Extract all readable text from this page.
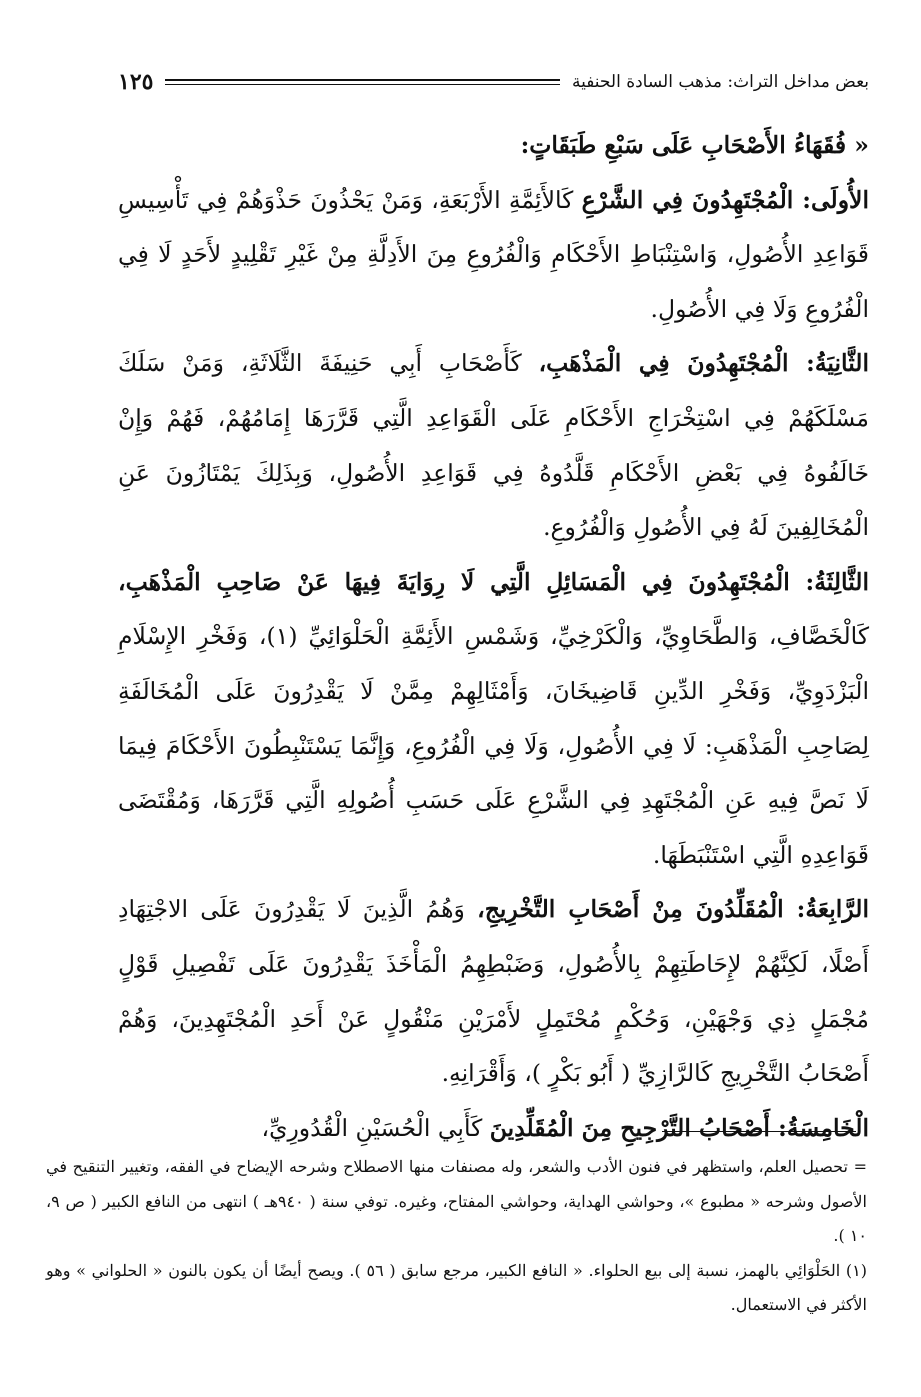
بعض مداخل التراث: مذهب السادة الحنفية
١٢٥

« فُقَهَاءُ الأَصْحَابِ عَلَى سَبْعِ طَبَقَاتٍ:

الأُولَى: الْمُجْتَهِدُونَ فِي الشَّرْعِ كَالأَئِمَّةِ الأَرْبَعَةِ، وَمَنْ يَحْذُونَ حَذْوَهُمْ فِي تَأْسِيسِ قَوَاعِدِ الأُصُولِ، وَاسْتِنْبَاطِ الأَحْكَامِ وَالْفُرُوعِ مِنَ الأَدِلَّةِ مِنْ غَيْرِ تَقْلِيدٍ لأَحَدٍ لَا فِي الْفُرُوعِ وَلَا فِي الأُصُولِ.

الثَّانِيَةُ: الْمُجْتَهِدُونَ فِي الْمَذْهَبِ، كَأَصْحَابِ أَبِي حَنِيفَةَ الثَّلَاثَةِ، وَمَنْ سَلَكَ مَسْلَكَهُمْ فِي اسْتِخْرَاجِ الأَحْكَامِ عَلَى الْقَوَاعِدِ الَّتِي قَرَّرَهَا إِمَامُهُمْ، فَهُمْ وَإِنْ خَالَفُوهُ فِي بَعْضِ الأَحْكَامِ قَلَّدُوهُ فِي قَوَاعِدِ الأُصُولِ، وَبِذَلِكَ يَمْتَازُونَ عَنِ الْمُخَالِفِينَ لَهُ فِي الأُصُولِ وَالْفُرُوعِ.

الثَّالِثَةُ: الْمُجْتَهِدُونَ فِي الْمَسَائِلِ الَّتِي لَا رِوَايَةَ فِيهَا عَنْ صَاحِبِ الْمَذْهَبِ، كَالْخَصَّافِ، وَالطَّحَاوِيِّ، وَالْكَرْخِيِّ، وَشَمْسِ الأَئِمَّةِ الْحَلْوَائِيِّ (١)، وَفَخْرِ الإِسْلَامِ الْبَزْدَوِيِّ، وَفَخْرِ الدِّينِ قَاضِيخَانَ، وَأَمْثَالِهِمْ مِمَّنْ لَا يَقْدِرُونَ عَلَى الْمُخَالَفَةِ لِصَاحِبِ الْمَذْهَبِ: لَا فِي الأُصُولِ، وَلَا فِي الْفُرُوعِ، وَإِنَّمَا يَسْتَنْبِطُونَ الأَحْكَامَ فِيمَا لَا نَصَّ فِيهِ عَنِ الْمُجْتَهِدِ فِي الشَّرْعِ عَلَى حَسَبِ أُصُولِهِ الَّتِي قَرَّرَهَا، وَمُقْتَضَى قَوَاعِدِهِ الَّتِي اسْتَنْبَطَهَا.

الرَّابِعَةُ: الْمُقَلِّدُونَ مِنْ أَصْحَابِ التَّخْرِيجِ، وَهُمُ الَّذِينَ لَا يَقْدِرُونَ عَلَى الاجْتِهَادِ أَصْلًا، لَكِنَّهُمْ لإِحَاطَتِهِمْ بِالأُصُولِ، وَضَبْطِهِمُ الْمَأْخَذَ يَقْدِرُونَ عَلَى تَفْصِيلِ قَوْلٍ مُجْمَلٍ ذِي وَجْهَيْنِ، وَحُكْمٍ مُحْتَمِلٍ لأَمْرَيْنِ مَنْقُولٍ عَنْ أَحَدِ الْمُجْتَهِدِينَ، وَهُمْ أَصْحَابُ التَّخْرِيجِ كَالرَّازِيِّ ( أَبُو بَكْرٍ )، وَأَقْرَانِهِ.

الْخَامِسَةُ: أَصْحَابُ التَّرْجِيحِ مِنَ الْمُقَلِّدِينَ كَأَبِي الْحُسَيْنِ الْقُدُورِيِّ،

= تحصيل العلم، واستظهر في فنون الأدب والشعر، وله مصنفات منها الاصطلاح وشرحه الإيضاح في الفقه، وتغيير التنقيح في الأصول وشرحه « مطبوع »، وحواشي الهداية، وحواشي المفتاح، وغيره. توفي سنة ( ٩٤٠هـ ) انتهى من النافع الكبير ( ص ٩، ١٠ ).

(١) الحَلْوَائِي بالهمز، نسبة إلى بيع الحلواء. « النافع الكبير، مرجع سابق ( ٥٦ ). ويصح أيضًا أن يكون بالنون « الحلواني » وهو الأكثر في الاستعمال.
